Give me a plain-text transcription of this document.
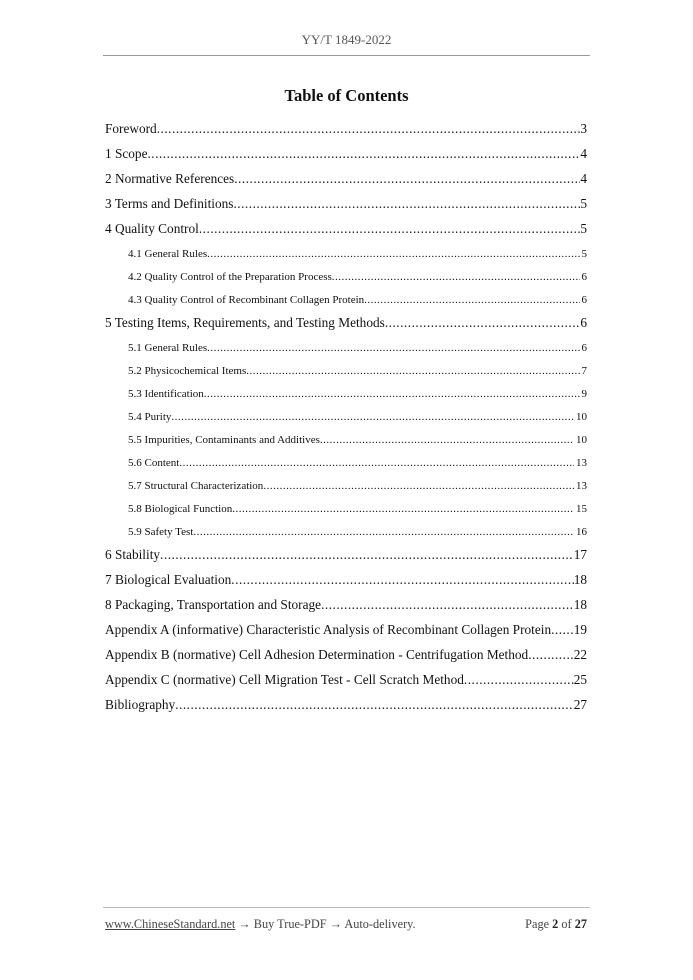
YY/T 1849-2022
Table of Contents
Foreword .....	3
1 Scope .....	4
2 Normative References .....	4
3 Terms and Definitions .....	5
4 Quality Control .....	5
4.1 General Rules .....	5
4.2 Quality Control of the Preparation Process .....	6
4.3 Quality Control of Recombinant Collagen Protein .....	6
5 Testing Items, Requirements, and Testing Methods .....	6
5.1 General Rules .....	6
5.2 Physicochemical Items .....	7
5.3 Identification .....	9
5.4 Purity .....	10
5.5 Impurities, Contaminants and Additives .....	10
5.6 Content .....	13
5.7 Structural Characterization .....	13
5.8 Biological Function .....	15
5.9 Safety Test .....	16
6 Stability .....	17
7 Biological Evaluation .....	18
8 Packaging, Transportation and Storage .....	18
Appendix A (informative) Characteristic Analysis of Recombinant Collagen Protein ..... 19
Appendix B (normative) Cell Adhesion Determination - Centrifugation Method .....	22
Appendix C (normative) Cell Migration Test - Cell Scratch Method .....	25
Bibliography .....	27
www.ChineseStandard.net → Buy True-PDF → Auto-delivery.	Page 2 of 27
